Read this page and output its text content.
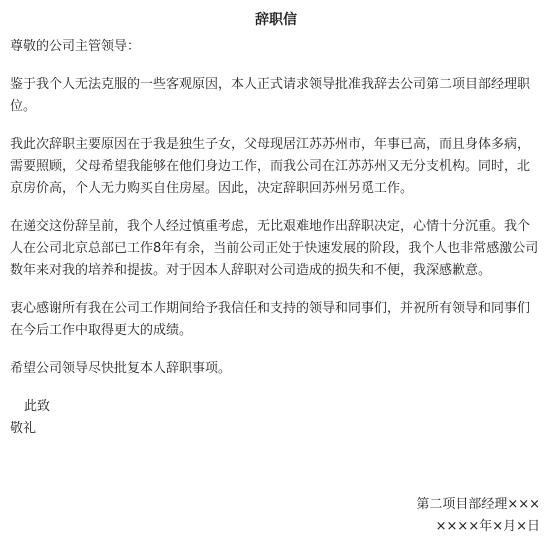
辞职信

尊敬的公司主管领导：

鉴于我个人无法克服的一些客观原因，本人正式请求领导批准我辞去公司第二项目部经理职位。

我此次辞职主要原因在于我是独生子女，父母现居江苏苏州市，年事已高，而且身体多病，需要照顾，父母希望我能够在他们身边工作，而我公司在江苏苏州又无分支机构。同时，北京房价高，个人无力购买自住房屋。因此，决定辞职回苏州另觅工作。

在递交这份辞呈前，我个人经过慎重考虑，无比艰难地作出辞职决定，心情十分沉重。我个人在公司北京总部已工作8年有余，当前公司正处于快速发展的阶段，我个人也非常感激公司数年来对我的培养和提拔。对于因本人辞职对公司造成的损失和不便，我深感歉意。

衷心感谢所有我在公司工作期间给予我信任和支持的领导和同事们，并祝所有领导和同事们在今后工作中取得更大的成绩。

希望公司领导尽快批复本人辞职事项。

此致
敬礼
第二项目部经理×××
××××年×月×日
